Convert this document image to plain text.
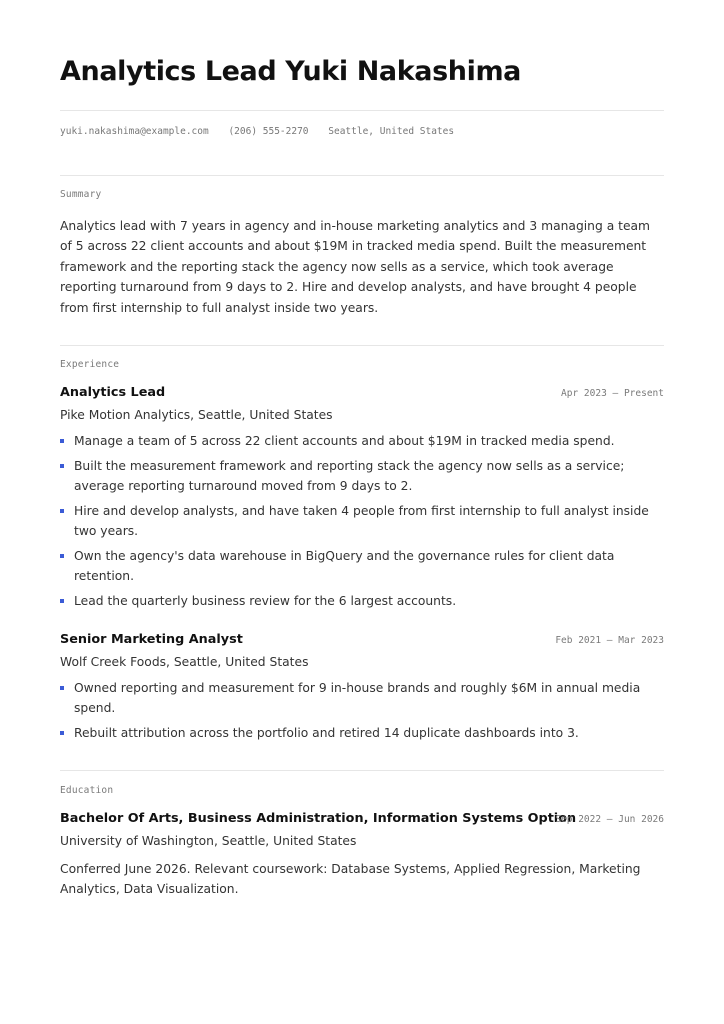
Analytics Lead Yuki Nakashima
yuki.nakashima@example.com (206) 555-2270 Seattle, United States
Summary

Analytics lead with 7 years in agency and in-house marketing analytics and 3 managing a team of 5 across 22 client accounts and about $19M in tracked media spend. Built the measurement framework and the reporting stack the agency now sells as a service, which took average reporting turnaround from 9 days to 2. Hire and develop analysts, and have brought 4 people from first internship to full analyst inside two years.

Experience
Analytics Lead	Apr 2023 — Present
Pike Motion Analytics, Seattle, United States
Manage a team of 5 across 22 client accounts and about $19M in tracked media spend.
Built the measurement framework and reporting stack the agency now sells as a service; average reporting turnaround moved from 9 days to 2.
Hire and develop analysts, and have taken 4 people from first internship to full analyst inside two years.
Own the agency's data warehouse in BigQuery and the governance rules for client data retention.
Lead the quarterly business review for the 6 largest accounts.
Senior Marketing Analyst	Feb 2021 — Mar 2023
Wolf Creek Foods, Seattle, United States
Owned reporting and measurement for 9 in-house brands and roughly $6M in annual media spend.
Rebuilt attribution across the portfolio and retired 14 duplicate dashboards into 3.
Education
Bachelor Of Arts, Business Administration, Information Systems Option
Sep 2022 — Jun 2026
University of Washington, Seattle, United States
Conferred June 2026. Relevant coursework: Database Systems, Applied Regression, Marketing Analytics, Data Visualization.
